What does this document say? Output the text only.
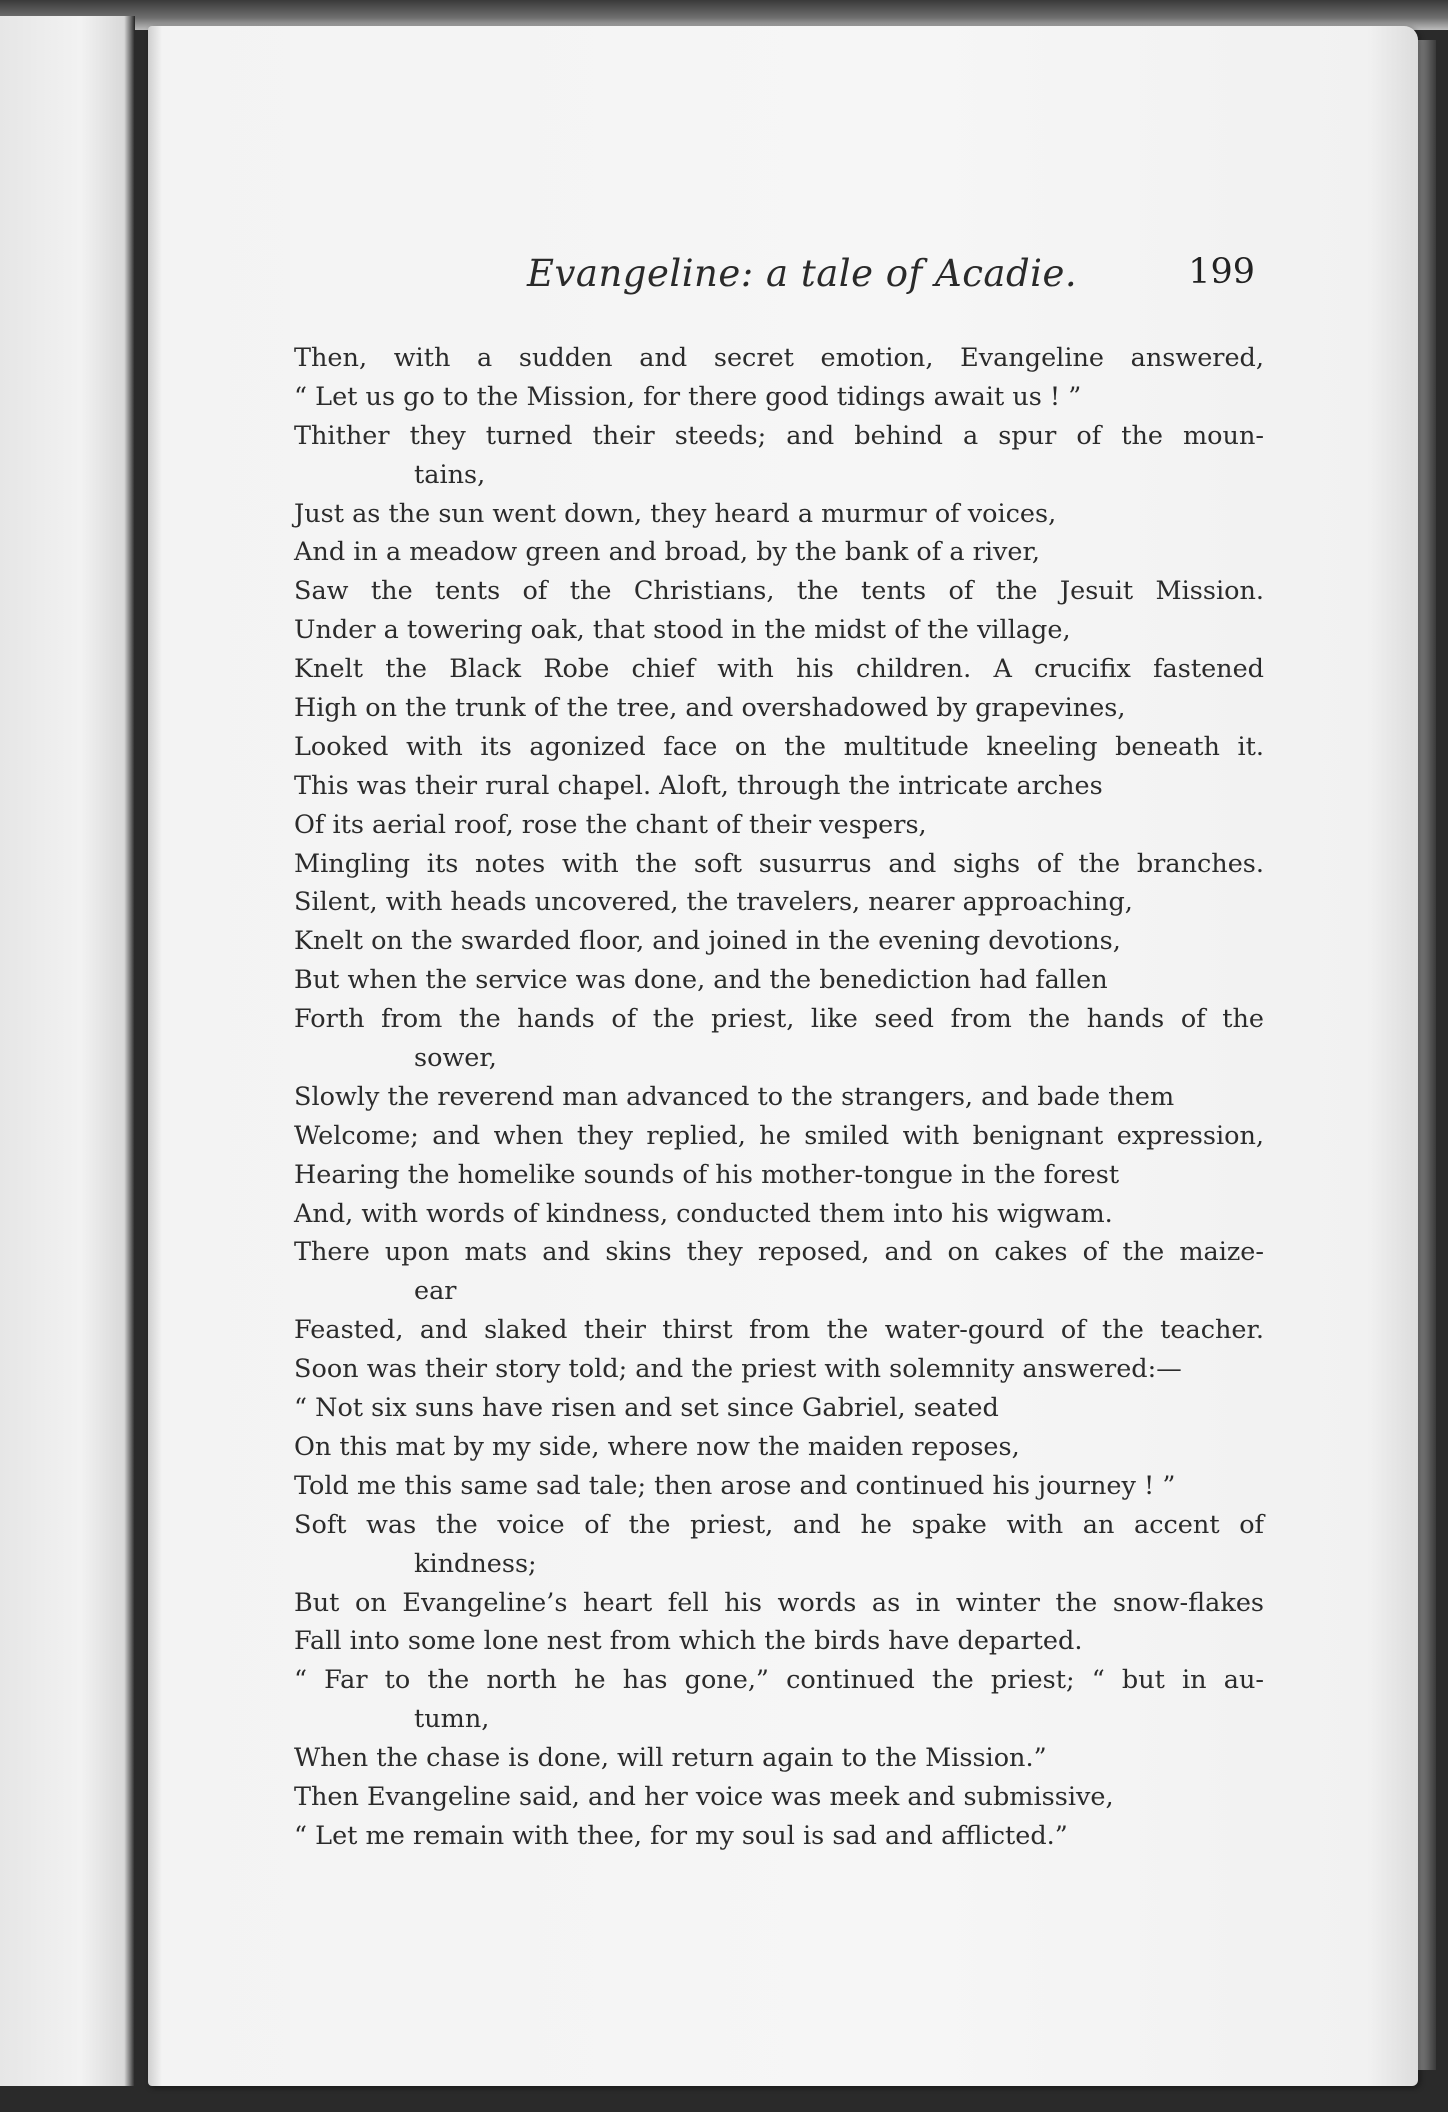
Evangeline: a tale of Acadie.	199
Then, with a sudden and secret emotion, Evangeline answered,
“ Let us go to the Mission, for there good tidings await us ! ”
Thither they turned their steeds; and behind a spur of the moun-
tains,
Just as the sun went down, they heard a murmur of voices,
And in a meadow green and broad, by the bank of a river,
Saw the tents of the Christians, the tents of the Jesuit Mission.
Under a towering oak, that stood in the midst of the village,
Knelt the Black Robe chief with his children. A crucifix fastened
High on the trunk of the tree, and overshadowed by grapevines,
Looked with its agonized face on the multitude kneeling beneath it.
This was their rural chapel. Aloft, through the intricate arches
Of its aerial roof, rose the chant of their vespers,
Mingling its notes with the soft susurrus and sighs of the branches.
Silent, with heads uncovered, the travelers, nearer approaching,
Knelt on the swarded floor, and joined in the evening devotions,
But when the service was done, and the benediction had fallen
Forth from the hands of the priest, like seed from the hands of the
sower,
Slowly the reverend man advanced to the strangers, and bade them
Welcome; and when they replied, he smiled with benignant expression,
Hearing the homelike sounds of his mother-tongue in the forest
And, with words of kindness, conducted them into his wigwam.
There upon mats and skins they reposed, and on cakes of the maize-
ear
Feasted, and slaked their thirst from the water-gourd of the teacher.
Soon was their story told; and the priest with solemnity answered:—
“ Not six suns have risen and set since Gabriel, seated
On this mat by my side, where now the maiden reposes,
Told me this same sad tale; then arose and continued his journey ! ”
Soft was the voice of the priest, and he spake with an accent of
kindness;
But on Evangeline’s heart fell his words as in winter the snow-flakes
Fall into some lone nest from which the birds have departed.
“ Far to the north he has gone,” continued the priest; “ but in au-
tumn,
When the chase is done, will return again to the Mission.”
Then Evangeline said, and her voice was meek and submissive,
“ Let me remain with thee, for my soul is sad and afflicted.”
